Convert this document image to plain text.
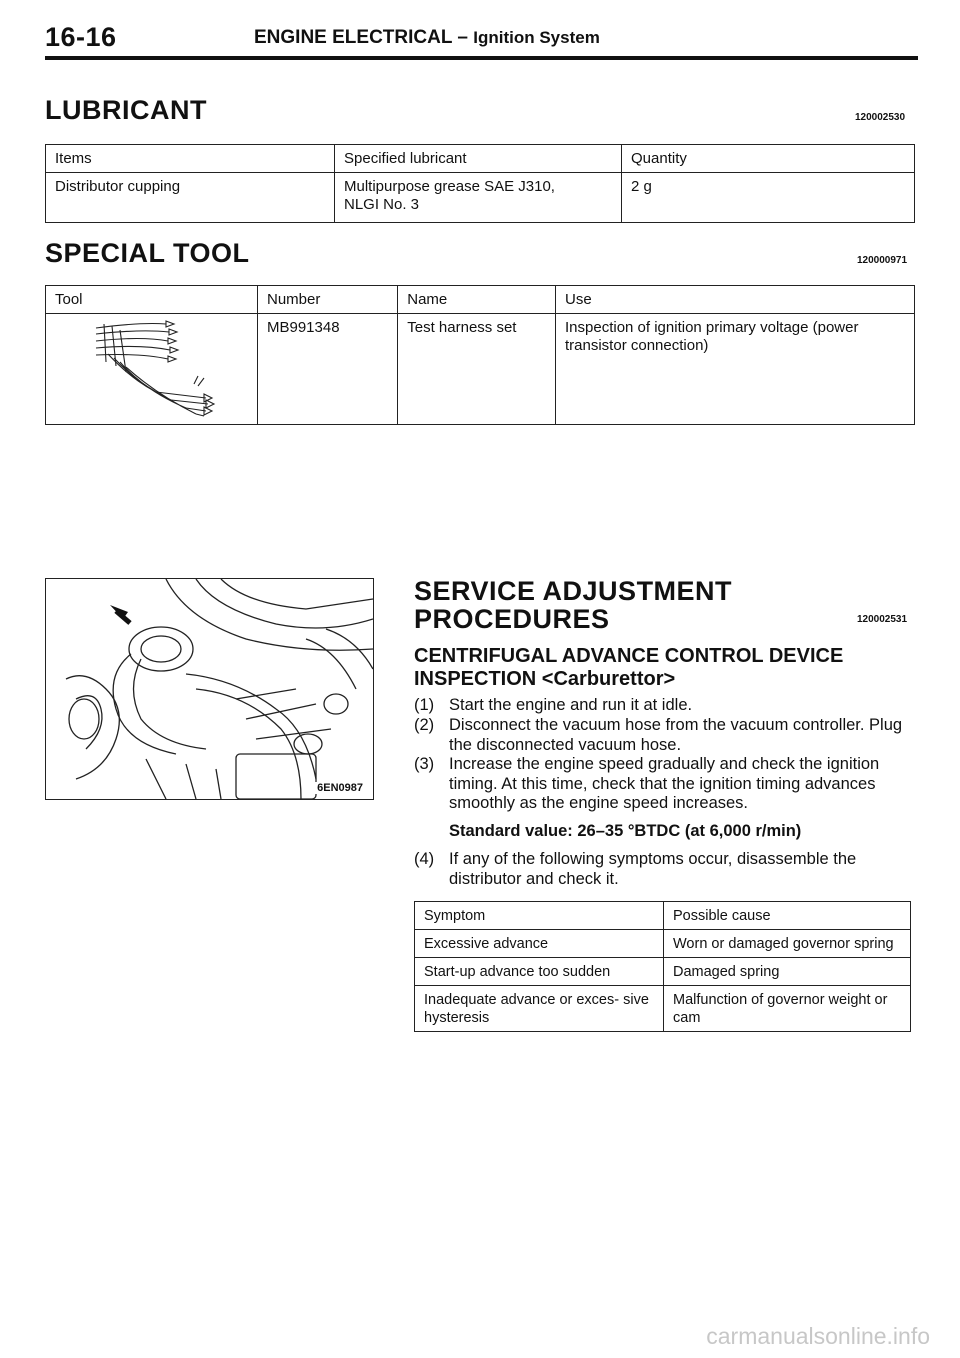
16-16	ENGINE ELECTRICAL – Ignition System
LUBRICANT	120002530
Items	Specified lubricant	Quantity
Distributor cupping	Multipurpose grease SAE J310, NLGI No. 3	2 g
SPECIAL TOOL	120000971
Tool	Number	Name	Use
	MB991348	Test harness set	Inspection of ignition primary voltage (power transistor connection)
6EN0987
SERVICE ADJUSTMENT
PROCEDURES	120002531
CENTRIFUGAL ADVANCE CONTROL DEVICE
INSPECTION <Carburettor>
(1) Start the engine and run it at idle.
(2) Disconnect the vacuum hose from the vacuum controller. Plug the disconnected vacuum hose.
(3) Increase the engine speed gradually and check the ignition timing. At this time, check that the ignition timing advances smoothly as the engine speed increases.
Standard value: 26–35 °BTDC (at 6,000 r/min)
(4) If any of the following symptoms occur, disassemble the distributor and check it.
Symptom	Possible cause
Excessive advance	Worn or damaged governor spring
Start-up advance too sudden	Damaged spring
Inadequate advance or exces- sive hysteresis	Malfunction of governor weight or cam
carmanualsonline.info
